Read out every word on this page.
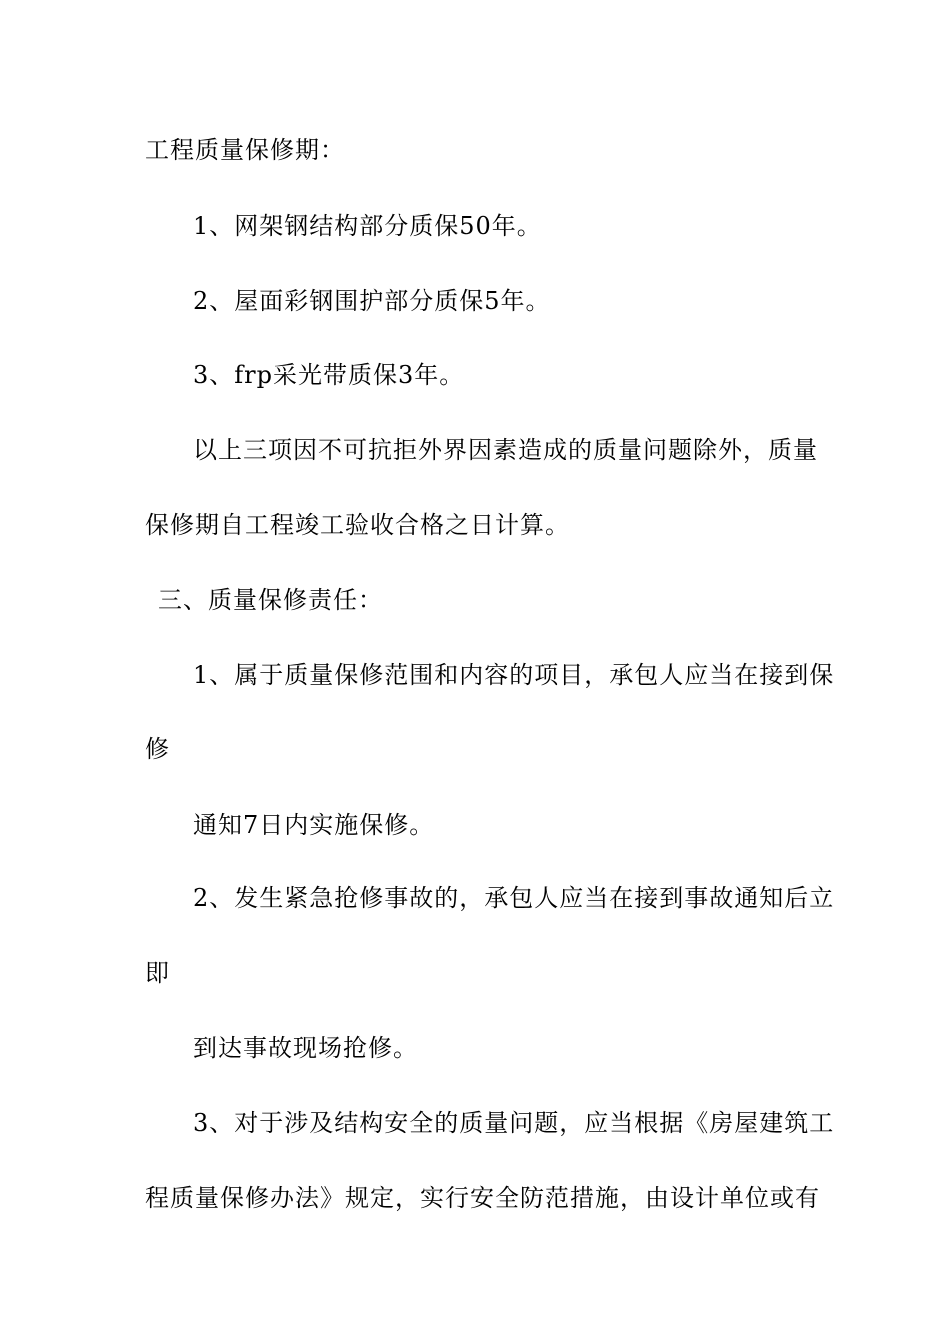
工程质量保修期：
1、网架钢结构部分质保50年。
2、屋面彩钢围护部分质保5年。
3、frp采光带质保3年。
以上三项因不可抗拒外界因素造成的质量问题除外，质量
保修期自工程竣工验收合格之日计算。
三、质量保修责任：
1、属于质量保修范围和内容的项目，承包人应当在接到保
修
通知7日内实施保修。
2、发生紧急抢修事故的，承包人应当在接到事故通知后立
即
到达事故现场抢修。
3、对于涉及结构安全的质量问题，应当根据《房屋建筑工
程质量保修办法》规定，实行安全防范措施，由设计单位或有
